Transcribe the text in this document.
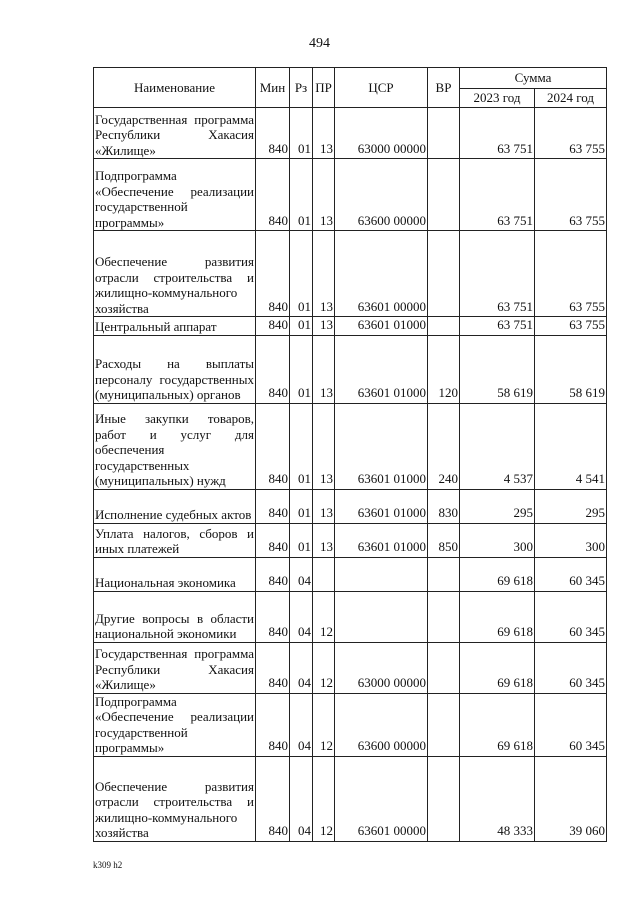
494
Наименование	Мин	Рз	ПР	ЦСР	ВР	Сумма	
						2023 год	2024 год
Государственная программа Республики Хакасия «Жилище»	840	01	13	63000 00000		63 751	63 755
Подпрограмма «Обеспечение реализации государственной программы»	840	01	13	63600 00000		63 751	63 755
Обеспечение развития отрасли строительства и жилищно-коммунального хозяйства	840	01	13	63601 00000		63 751	63 755
Центральный аппарат	840	01	13	63601 01000		63 751	63 755
Расходы на выплаты персоналу государственных (муниципальных) органов	840	01	13	63601 01000	120	58 619	58 619
Иные закупки товаров, работ и услуг для обеспечения государственных (муниципальных) нужд	840	01	13	63601 01000	240	4 537	4 541
Исполнение судебных актов	840	01	13	63601 01000	830	295	295
Уплата налогов, сборов и иных платежей	840	01	13	63601 01000	850	300	300
Национальная экономика	840	04				69 618	60 345
Другие вопросы в области национальной экономики	840	04	12			69 618	60 345
Государственная программа Республики Хакасия «Жилище»	840	04	12	63000 00000		69 618	60 345
Подпрограмма «Обеспечение реализации государственной программы»	840	04	12	63600 00000		69 618	60 345
Обеспечение развития отрасли строительства и жилищно-коммунального хозяйства	840	04	12	63601 00000		48 333	39 060
k309 h2
